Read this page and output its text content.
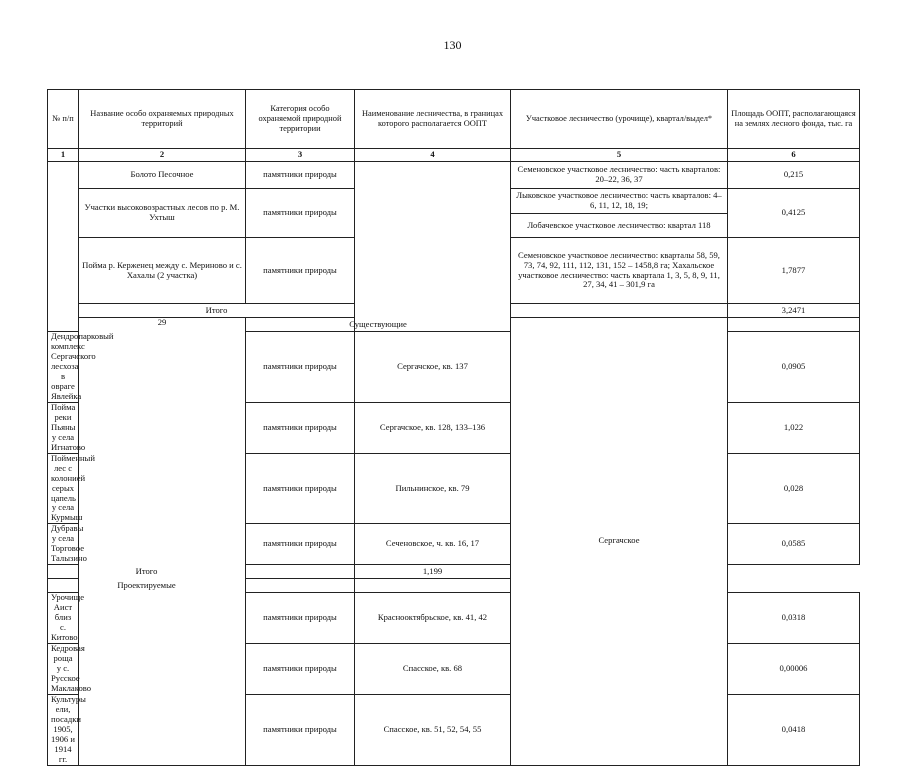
130
№ п/п	Название особо охраняемых природных территорий	Категория особо охраняемой природной территории	Наименование лесничества, в границах которого располагается ООПТ	Участковое лесничество (урочище), квартал/выдел*	Площадь ООПТ, располагающаяся на землях лесного фонда, тыс. га	
1	2	3	4	5	6	
	Болото Песочное	памятники природы		Семеновское участковое лесничество: часть кварталов: 20–22, 36, 37	0,215	
	Участки высоковозрастных лесов по р. М. Ухтыш	памятники природы		Лыковское участковое лесничество: часть кварталов: 4–6, 11, 12, 18, 19;	0,4125	
				Лобачевское участковое лесничество: квартал 118		
	Пойма р. Керженец между с. Мериново и с. Хахалы (2 участка)	памятники природы		Семеновское участковое лесничество: кварталы 58, 59, 73, 74, 92, 111, 112, 131, 152 – 1458,8 га; Хахальское участковое лесничество: часть квартала 1, 3, 5, 8, 9, 11, 27, 34, 41 – 301,9 га	1,7877	
	Итого				3,2471	
	29	Существующие		Сергачское		
Дендропарковый комплекс Сергачского лесхоза в овраге Явлейка		памятники природы	Сергачское, кв. 137		0,0905	
Пойма реки Пьяны у села Игнатово		памятники природы	Сергачское, кв. 128, 133–136		1,022	
Пойменный лес с колонией серых цапель у села Курмыш		памятники природы	Пильнинское, кв. 79		0,028	
Дубравы у села Торговое Талызино		памятники природы	Сеченовское, ч. кв. 16, 17		0,0585	
Итого			1,199			
Проектируемые						
Урочище Аист близ с. Китово		памятники природы	Краснооктябрьское, кв. 41, 42		0,0318	
Кедровая роща у с. Русское Маклаково		памятники природы	Спасское, кв. 68		0,00006	
Культуры ели, посадки 1905, 1906 и 1914 гг.		памятники природы	Спасское, кв. 51, 52, 54, 55		0,0418	
